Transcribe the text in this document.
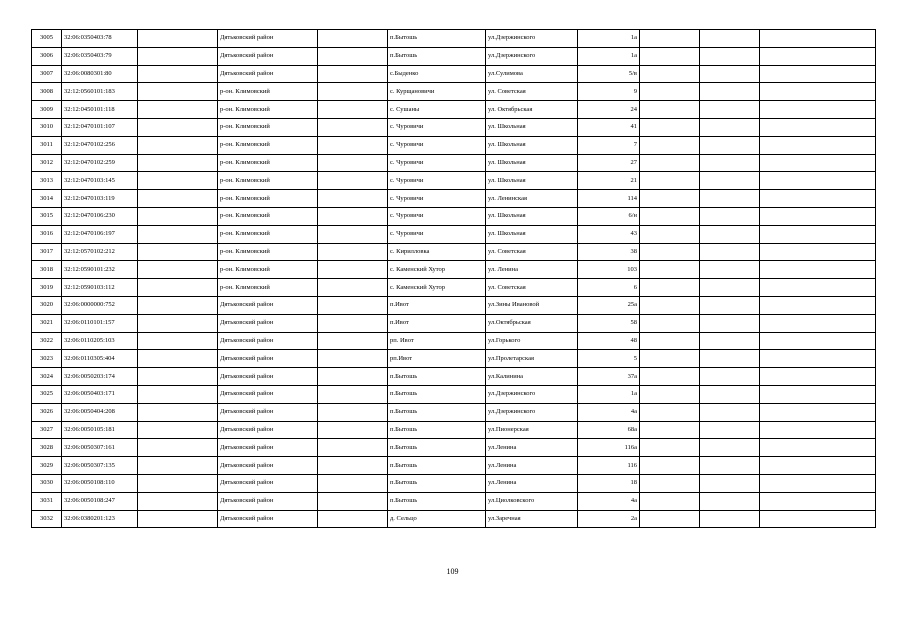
3005	32:06:0350403:78		Дятьковский район		п.Бытошь	ул.Дзержинского	1а			
3006	32:06:0350403:79		Дятьковский район		п.Бытошь	ул.Дзержинского	1а			
3007	32:06:0080301:80		Дятьковский район		с.Быденко	ул.Сулимова	5/в			
3008	32:12:0560101:183		р-он. Климовский		с. Курщановичи	ул. Советская	9			
3009	32:12:0450101:118		р-он. Климовский		с. Сушаны	ул. Октябрьская	24			
3010	32:12:0470101:107		р-он. Климовский		с. Чуровичи	ул. Школьная	41			
3011	32:12:0470102:256		р-он. Климовский		с. Чуровичи	ул. Школьная	7			
3012	32:12:0470102:259		р-он. Климовский		с. Чуровичи	ул. Школьная	27			
3013	32:12:0470103:145		р-он. Климовский		с. Чуровичи	ул. Школьная	21			
3014	32:12:0470103:119		р-он. Климовский		с. Чуровичи	ул. Ленинская	114			
3015	32:12:0470106:230		р-он. Климовский		с. Чуровичи	ул. Школьная	6/н			
3016	32:12:0470106:197		р-он. Климовский		с. Чуровичи	ул. Школьная	43			
3017	32:12:0570102:212		р-он. Климовский		с. Кирилловка	ул. Советская	38			
3018	32:12:0590101:232		р-он. Климовский		с. Каменский Хутор	ул. Ленина	103			
3019	32:12:0590103:112		р-он. Климовский		с. Каменский Хутор	ул. Советская	6			
3020	32:06:0000000:752		Дятьковский район		п.Ивот	ул.Зины Ивановой	25а			
3021	32:06:0110101:157		Дятьковский район		п.Ивот	ул.Октябрьская	58			
3022	32:06:0110205:103		Дятьковский район		рп. Ивот	ул.Горького	48			
3023	32:06:0110305:404		Дятьковский район		рп.Ивот	ул.Пролетарская	5			
3024	32:06:0050203:174		Дятьковский район		п.Бытошь	ул.Калинина	37а			
3025	32:06:0050403:171		Дятьковский район		п.Бытошь	ул.Дзержинского	1а			
3026	32:06:0050404:208		Дятьковский район		п.Бытошь	ул.Дзержинского	4а			
3027	32:06:0050105:181		Дятьковский район		п.Бытошь	ул.Пионерская	68а			
3028	32:06:0050307:161		Дятьковский район		п.Бытошь	ул.Ленина	116а			
3029	32:06:0050307:135		Дятьковский район		п.Бытошь	ул.Ленина	116			
3030	32:06:0050108:110		Дятьковский район		п.Бытошь	ул.Ленина	18			
3031	32:06:0050108:247		Дятьковский район		п.Бытошь	ул.Циолковского	4а			
3032	32:06:0380201:123		Дятьковский район		д. Сельцо	ул.Заречная	2а			
109
